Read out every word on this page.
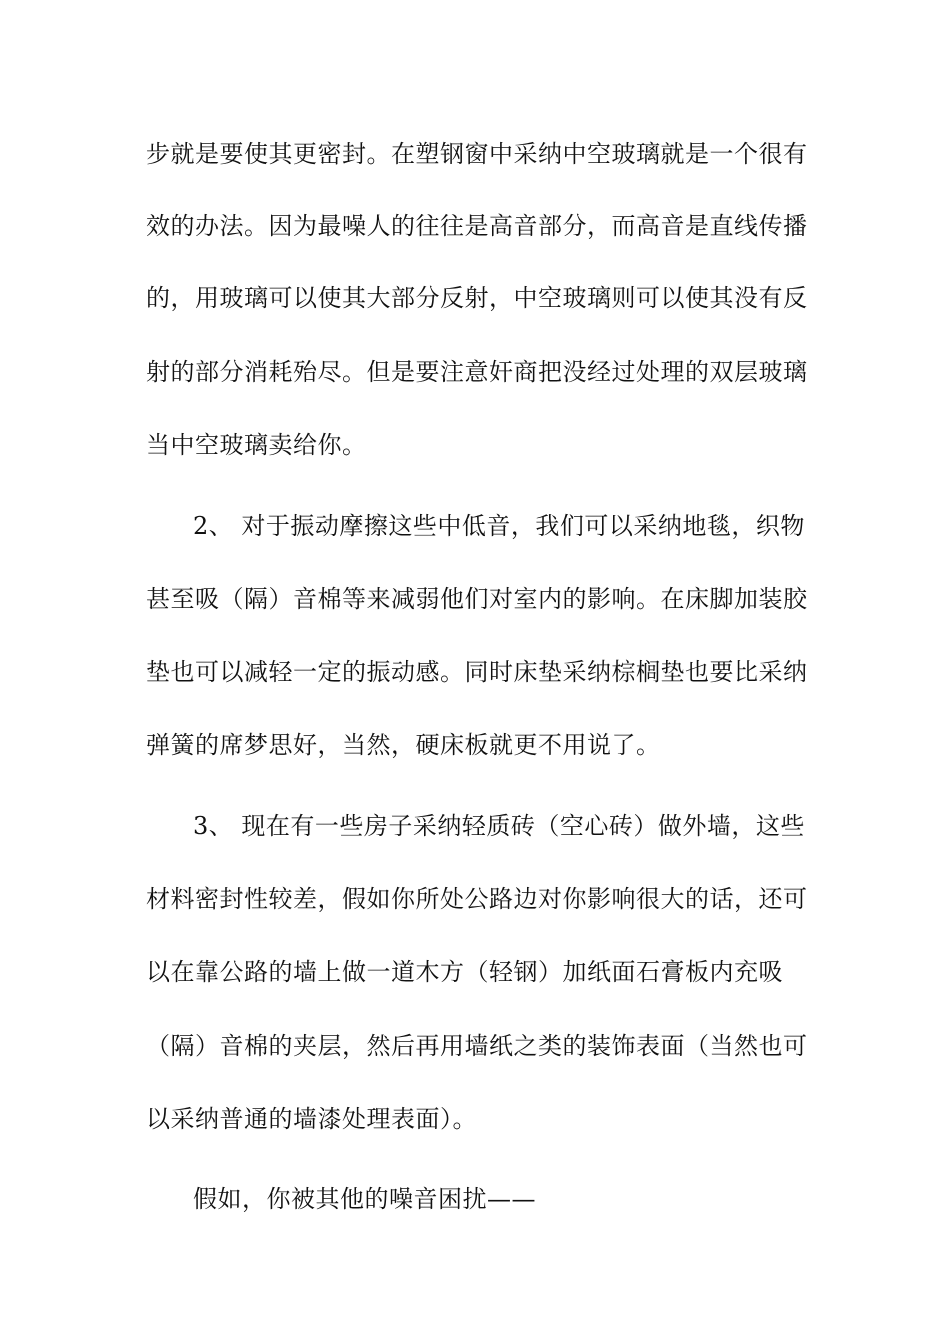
步就是要使其更密封。在塑钢窗中采纳中空玻璃就是一个很有
效的办法。因为最噪人的往往是高音部分，而高音是直线传播
的，用玻璃可以使其大部分反射，中空玻璃则可以使其没有反
射的部分消耗殆尽。但是要注意奸商把没经过处理的双层玻璃
当中空玻璃卖给你。
2、 对于振动摩擦这些中低音，我们可以采纳地毯，织物
甚至吸（隔）音棉等来减弱他们对室内的影响。在床脚加装胶
垫也可以减轻一定的振动感。同时床垫采纳棕榈垫也要比采纳
弹簧的席梦思好，当然，硬床板就更不用说了。
3、 现在有一些房子采纳轻质砖（空心砖）做外墙，这些
材料密封性较差，假如你所处公路边对你影响很大的话，还可
以在靠公路的墙上做一道木方（轻钢）加纸面石膏板内充吸
（隔）音棉的夹层，然后再用墙纸之类的装饰表面（当然也可
以采纳普通的墙漆处理表面）。
假如，你被其他的噪音困扰——
